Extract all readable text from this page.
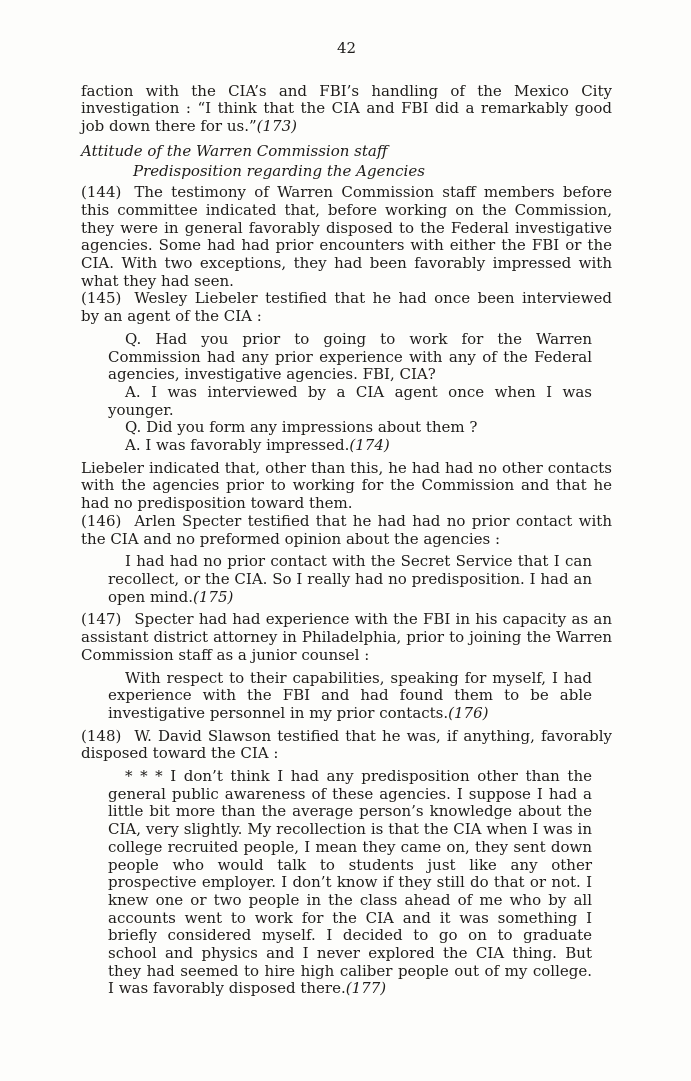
42

faction with the CIA’s and FBI’s handling of the Mexico City investigation : “I think that the CIA and FBI did a remarkably good job down there for us.”(173)

Attitude of the Warren Commission staff
Predisposition regarding the Agencies

(144) The testimony of Warren Commission staff members before this committee indicated that, before working on the Commission, they were in general favorably disposed to the Federal investigative agencies. Some had had prior encounters with either the FBI or the CIA. With two exceptions, they had been favorably impressed with what they had seen.

(145) Wesley Liebeler testified that he had once been interviewed by an agent of the CIA :

Q. Had you prior to going to work for the Warren Commission had any prior experience with any of the Federal agencies, investigative agencies. FBI, CIA?

A. I was interviewed by a CIA agent once when I was younger.

Q. Did you form any impressions about them ?

A. I was favorably impressed.(174)

Liebeler indicated that, other than this, he had had no other contacts with the agencies prior to working for the Commission and that he had no predisposition toward them.

(146) Arlen Specter testified that he had had no prior contact with the CIA and no preformed opinion about the agencies :

I had had no prior contact with the Secret Service that I can recollect, or the CIA. So I really had no predisposition. I had an open mind.(175)

(147) Specter had had experience with the FBI in his capacity as an assistant district attorney in Philadelphia, prior to joining the Warren Commission staff as a junior counsel :

With respect to their capabilities, speaking for myself, I had experience with the FBI and had found them to be able investigative personnel in my prior contacts.(176)

(148) W. David Slawson testified that he was, if anything, favorably disposed toward the CIA :

* * * I don’t think I had any predisposition other than the general public awareness of these agencies. I suppose I had a little bit more than the average person’s knowledge about the CIA, very slightly. My recollection is that the CIA when I was in college recruited people, I mean they came on, they sent down people who would talk to students just like any other prospective employer. I don’t know if they still do that or not. I knew one or two people in the class ahead of me who by all accounts went to work for the CIA and it was something I briefly considered myself. I decided to go on to graduate school and physics and I never explored the CIA thing. But they had seemed to hire high caliber people out of my college. I was favorably disposed there.(177)
